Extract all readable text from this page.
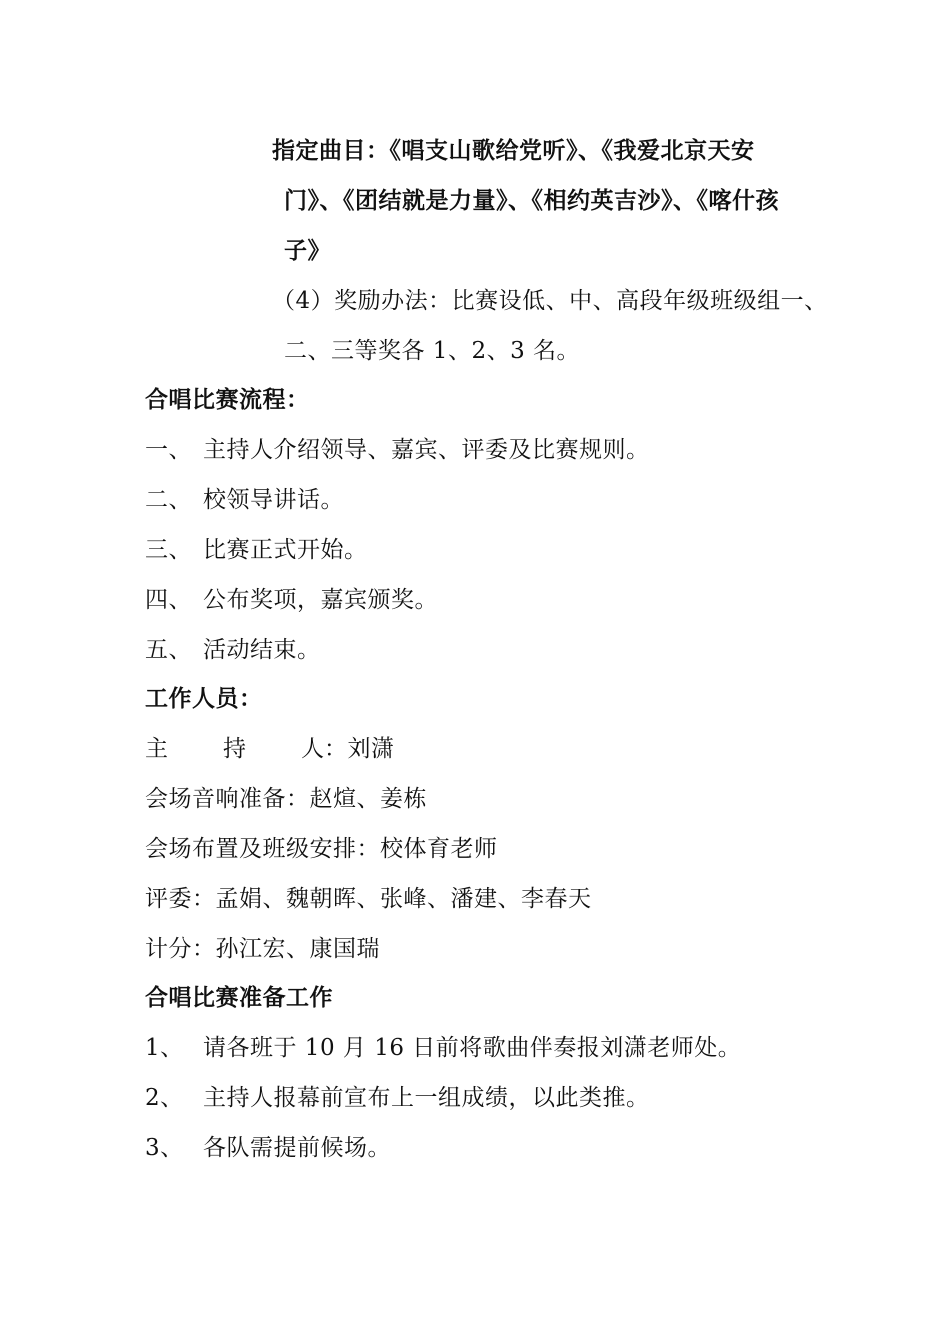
指定曲目：《唱支山歌给党听》、《我爱北京天安
门》、《团结就是力量》、《相约英吉沙》、《喀什孩
子》
（4）奖励办法：比赛设低、中、高段年级班级组一、
二、三等奖各 1、2、3 名。
合唱比赛流程：
一、 主持人介绍领导、嘉宾、评委及比赛规则。
二、 校领导讲话。
三、 比赛正式开始。
四、 公布奖项，嘉宾颁奖。
五、 活动结束。
工作人员：
主 持 人：刘潇
会场音响准备：赵煊、姜栋
会场布置及班级安排：校体育老师
评委：孟娟、魏朝晖、张峰、潘建、李春天
计分：孙江宏、康国瑞
合唱比赛准备工作
1、 请各班于 10 月 16 日前将歌曲伴奏报刘潇老师处。
2、 主持人报幕前宣布上一组成绩，以此类推。
3、 各队需提前候场。
